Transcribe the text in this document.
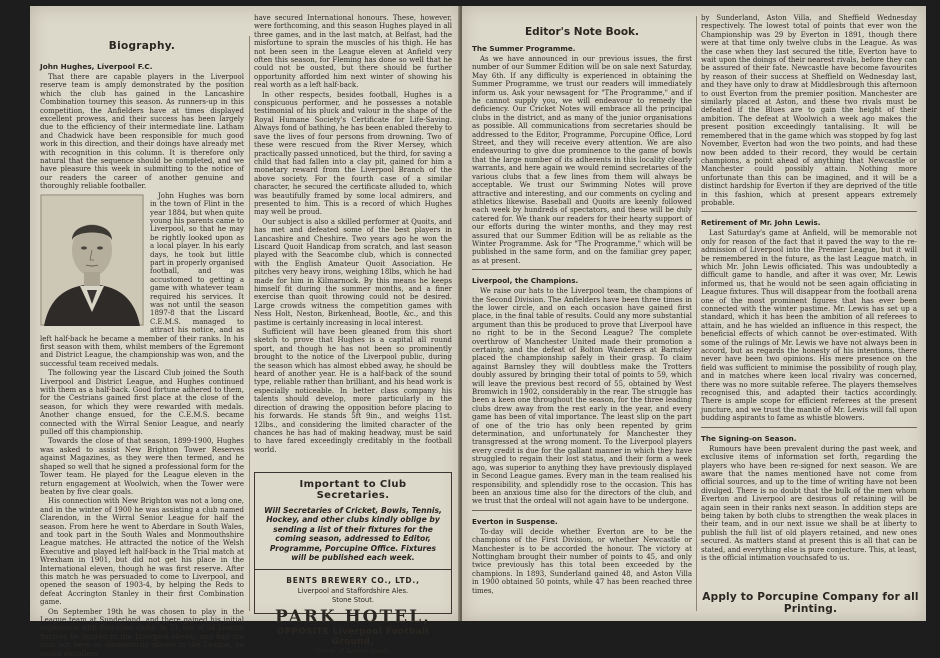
Biography.
John Hughes, Liverpool F.C.

That there are capable players in the Liverpool reserve team is amply demonstrated by the position which the club has gained in the Lancashire Combination tourney this season. As runners-up in this competition, the Anfielders have at times displayed excellent prowess, and their success has been largely due to the efficiency of their intermediate line. Latham and Chadwick have been responsible for much good work in this direction, and their doings have already met with recognition in this column. It is therefore only natural that the sequence should be completed, and we have pleasure this week in submitting to the notice of our readers the career of another genuine and thoroughly reliable footballer.

John Hughes was born in the town of Flint in the year 1884, but when quite young his parents came to Liverpool, so that he may be rightly looked upon as a local player. In his early days, he took but little part in properly organised football, and was accustomed to getting a game with whatever team required his services. It was not until the season 1897-8 that the Liscard C.E.M.S. managed to attract his notice, and as left half-back he became a member of their ranks. In his first season with them, whilst members of the Egremont and District League, the championship was won, and the successful team received medals.

The following year the Liscard Club joined the South Liverpool and District League, and Hughes continued with them as a half-back. Good fortune adhered to them, for the Cestrians gained first place at the close of the season, for which they were rewarded with medals. Another change ensued, for the C.E.M.S. became connected with the Wirral Senior League, and nearly pulled off this championship.

Towards the close of that season, 1899-1900, Hughes was asked to assist New Brighton Tower Reserves against Magazines, as they were then termed, and he shaped so well that he signed a professional form for the Tower team. He played for the League eleven in the return engagement at Woolwich, when the Tower were beaten by five clear goals.

His connection with New Brighton was not a long one, and in the winter of 1900 he was assisting a club named Clarendon, in the Wirral Senior League for half the season. From here he went to Aberdare in South Wales, and took part in the South Wales and Monmouthshire League matches. He attracted the notice of the Welsh Executive and played left half-back in the Trial match at Wrexham in 1901, but did not get his place in the International eleven, though he was first reserve. After this match he was persuaded to come to Liverpool, and opened the season of 1903-4, by helping the Reds to defeat Accrington Stanley in their first Combination game.

On September 19th he was chosen to play in the League team at Sunderland, and there gained his initial experience with first-class clubs. In 31, out of 34 League fixtures he figured in the Liverpool eleven, and had the club not been so dangerously placed in the League, he would doubtless

have secured International honours. These, however, were forthcoming, and this season Hughes played in all three games, and in the last match, at Belfast, had the misfortune to sprain the muscles of his thigh. He has not been seen in the League eleven at Anfield very often this season, for Fleming has done so well that he could not be ousted, but there should be further opportunity afforded him next winter of showing his real worth as a left half-back.

In other respects, besides football, Hughes is a conspicuous performer, and he possesses a notable testimonial of his pluck and valour in the shape of the Royal Humane Society's Certificate for Life-Saving. Always fond of bathing, he has been enabled thereby to save the lives of four persons from drowning. Two of these were rescued from the River Mersey, which practically passed unnoticed, but the third, for saving a child that had fallen into a clay pit, gained for him a monetary reward from the Liverpool Branch of the above society. For the fourth case of a similar character, he secured the certificate alluded to, which was beautifully framed by some local admirers, and presented to him. This is a record of which Hughes may well be proud.

Our subject is also a skilled performer at Quoits, and has met and defeated some of the best players in Lancashire and Cheshire. Two years ago he won the Liscard Quoit Handicap from scratch, and last season played with the Seacombe club, which is connected with the English Amateur Quoit Association. He pitches very heavy irons, weighing 18lbs, which he had made for him in Kilmarnock. By this means he keeps himself fit during the summer months, and a finer exercise than quoit throwing could not be desired. Large crowds witness the competition games with Ness Holt, Neston, Birkenhead, Bootle, &c., and this pastime is certainly increasing in local interest.

Sufficient will have been gleaned from this short sketch to prove that Hughes is a capital all round sport, and though he has not been so prominently brought to the notice of the Liverpool public, during the season which has almost ebbed away, he should be heard of another year. He is a half-back of the sound type, reliable rather than brilliant, and his head work is especially noticeable. In better class company his talents should develop, more particularly in the direction of drawing the opposition before placing to his forwards. He stands 5ft 9in., and weighs 11st. 12lbs., and considering the limited character of the chances he has had of making headway, must be said to have fared exceedingly creditably in the football world.

Important to Club Secretaries.
Will Secretaries of Cricket, Bowls, Tennis, Hockey, and other clubs kindly oblige by sending a list of their fixtures for the coming season, addressed to Editor, Programme, Porcupine Office. Fixtures will be published each week.
BENTS BREWERY CO., LTD.,
Liverpool and Staffordshire Ales.
Stone Stout.
PARK HOTEL,
OPPOSITE Liverpool Football Ground,
Corner of Tawson Street.
Editor's Note Book.
The Summer Programme.

As we have announced in our previous issues, the first number of our Summer Edition will be on sale next Saturday, May 6th. If any difficulty is experienced in obtaining the Summer Programme, we trust our readers will immediately inform us. Ask your newsagent for "The Programme," and if he cannot supply you, we will endeavour to remedy the deficiency. Our Cricket Notes will embrace all the principal clubs in the district, and as many of the junior organisations as possible. All communications from secretaries should be addressed to the Editor, Programme, Porcupine Office, Lord Street, and they will receive every attention. We are also endeavouring to give due prominence to the game of bowls that the large number of its adherents in this locality clearly warrants, and here again we would remind secretaries of the various clubs that a few lines from them will always be acceptable. We trust our Swimming Notes will prove attractive and interesting, and our comments on cycling and athletics likewise. Baseball and Quoits are keenly followed each week by hundreds of spectators, and these will be duly catered for. We thank our readers for their hearty support of our efforts during the winter months, and they may rest assured that our Summer Edition will be as reliable as the Winter Programme. Ask for "The Programme," which will be published in the same form, and on the familiar grey paper, as at present.

Liverpool, the Champions.

We raise our hats to the Liverpool team, the champions of the Second Division. The Anfielders have been three times in the lower circle, and on each occasion have gained first place, in the final table of results. Could any more substantial argument than this be produced to prove that Liverpool have no right to be in the Second League? The complete overthrow of Manchester United made their promotion a certainty, and the defeat of Bolton Wanderers at Barnsley placed the championship safely in their grasp. To claim against Barnsley they will doubtless make the Trotters doubly assured by bringing their total of points to 59, which will leave the previous best record of 55, obtained by West Bromwich in 1902, considerably in the rear. The struggle has been a keen one throughout the season, for the three leading clubs drew away from the rest early in the year, and every game has been of vital importance. The least slip on the part of one of the trio has only been repented by grim determination, and unfortunately for Manchester they transgressed at the wrong moment. To the Liverpool players every credit is due for the gallant manner in which they have struggled to regain their lost status, and their form a week ago, was superior to anything they have previously displayed in Second League games. Every man in the team realised his responsibility, and splendidly rose to the occasion. This has been an anxious time also for the directors of the club, and we trust that the ordeal will not again have to be undergone.

Everton in Suspense.

To-day will decide whether Everton are to be the champions of the First Division, or whether Newcastle or Manchester is to be accorded the honour. The victory at Nottingham brought their number of points to 45, and only twice previously has this total been exceeded by the champions. In 1893, Sunderland gained 48, and Aston Villa in 1900 obtained 50 points, while 47 has been reached three times,

by Sunderland, Aston Villa, and Sheffield Wednesday respectively. The lowest total of points that ever won the Championship was 29 by Everton in 1891, though there were at that time only twelve clubs in the League. As was the case when they last secured the title, Everton have to wait upon the doings of their nearest rivals, before they can be assured of their fate. Newcastle have become favourites by reason of their success at Sheffield on Wednesday last, and they have only to draw at Middlesbrough this afternoon to oust Everton from the premier position. Manchester are similarly placed at Aston, and these two rivals must be defeated if the Blues are to gain the height of their ambition. The defeat at Woolwich a week ago makes the present position exceedingly tantalising. It will be remembered that in the game which was stopped by fog last November, Everton had won the two points, and had these now been added to their record, they would be certain champions, a point ahead of anything that Newcastle or Manchester could possibly attain. Nothing more unfortunate than this can be imagined, and it will be a distinct hardship for Everton if they are deprived of the title in this fashion, which at present appears extremely probable.

Retirement of Mr. John Lewis.

Last Saturday's game at Anfield, will be memorable not only for reason of the fact that it paved the way to the re-admission of Liverpool into the Premier League, but it will be remembered in the future, as the last League match, in which Mr. John Lewis officiated. This was undoubtedly a difficult game to handle, and after it was over, Mr. Lewis informed us, that he would not be seen again officiating in League fixtures. Thus will disappear from the football arena one of the most prominent figures that has ever been connected with the winter pastime. Mr. Lewis has set up a standard, which it has been the ambition of all referees to attain, and he has wielded an influence in this respect, the beneficial effects of which cannot be over-estimated. With some of the rulings of Mr. Lewis we have not always been in accord, but as regards the honesty of his intentions, there never have been two opinions. His mere presence on the field was sufficient to minimise the possibility of rough play, and in matches where keen local rivalry was concerned, there was no more suitable referee. The players themselves recognised this, and adapted their tactics accordingly. There is ample scope for efficient referees at the present juncture, and we trust the mantle of Mr. Lewis will fall upon budding aspirants to fame as whistle blowers.

The Signing-on Season.

Rumours have been prevalent during the past week, and exclusive items of information set forth, regarding the players who have been re-signed for next season. We are aware that the names mentioned have not come from official sources, and up to the time of writing have not been divulged. There is no doubt that the bulk of the men whom Everton and Liverpool are desirous of retaining will be again seen in their ranks next season. In addition steps are being taken by both clubs to strengthen the weak places in their team, and in our next issue we shall be at liberty to publish the full list of old players retained, and new ones secured. As matters stand at present this is all that can be stated, and everything else is pure conjecture. This, at least, is the official intimation vouchsafed to us.

Apply to Porcupine Company for all Printing.
